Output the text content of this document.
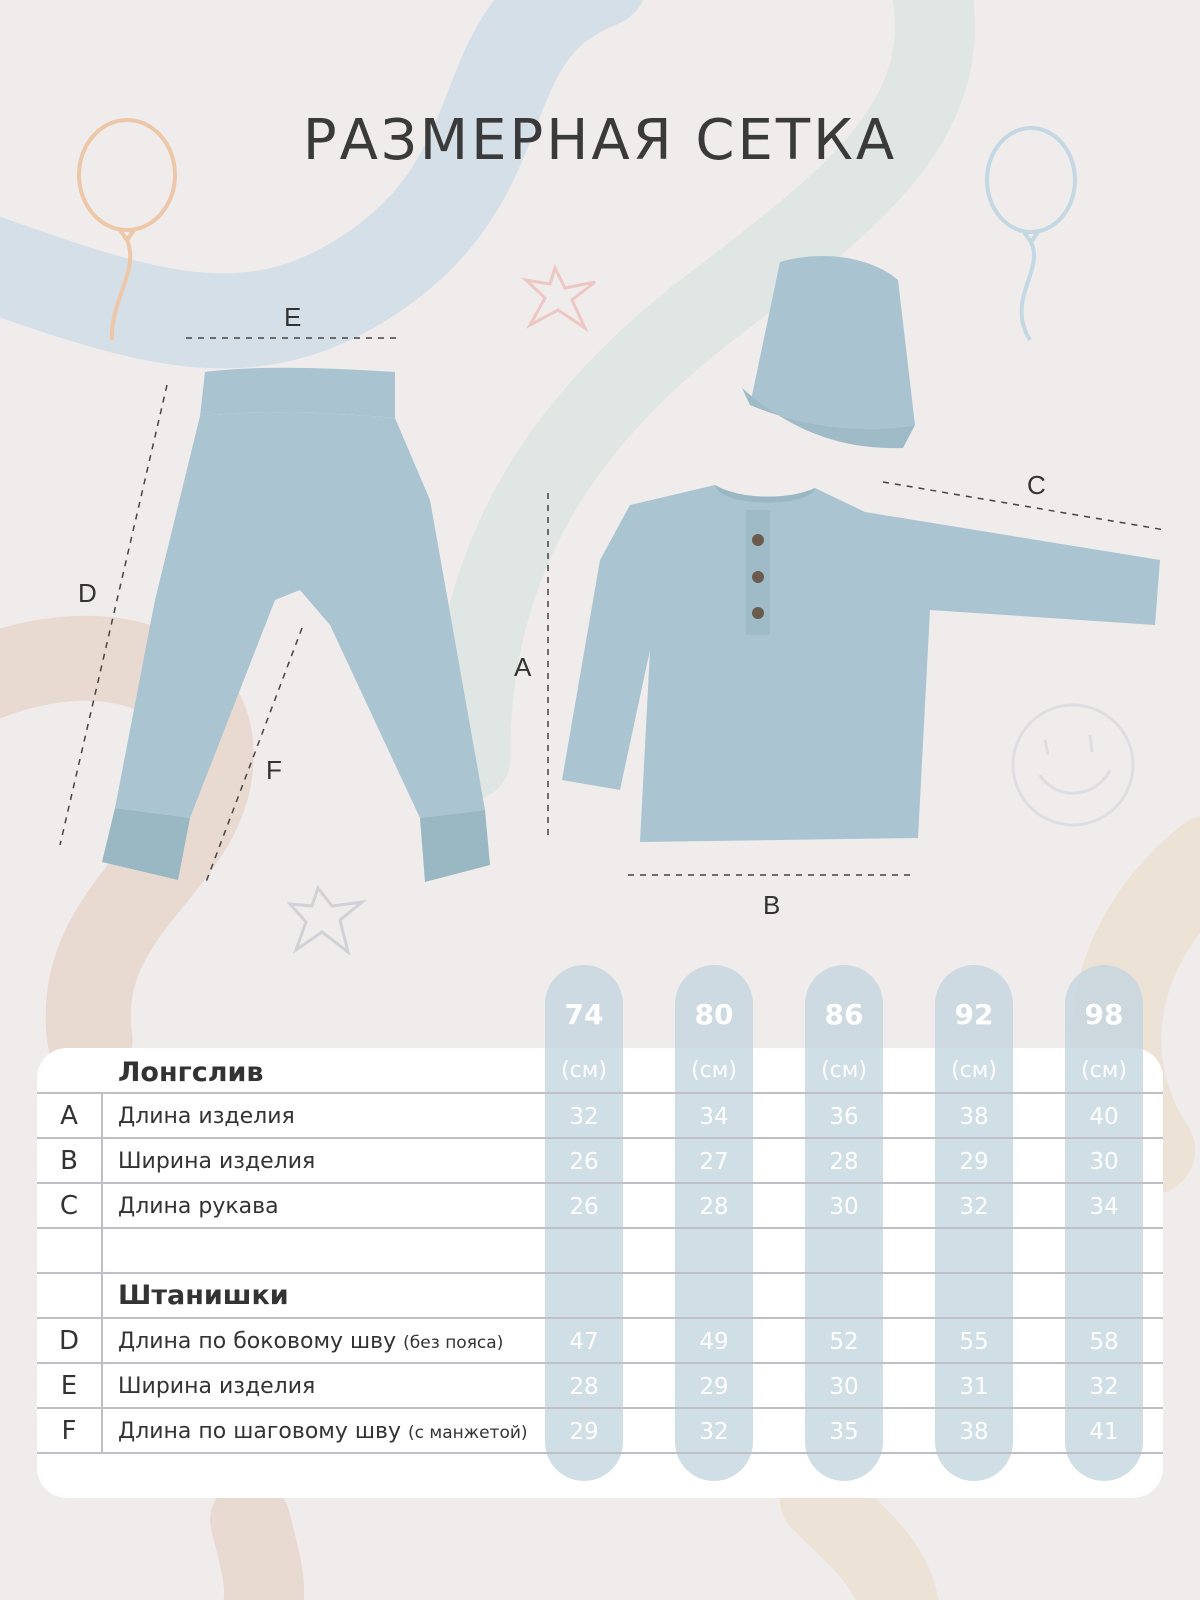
РАЗМЕРНАЯ СЕТКА
E
D
F
A
B
C
74	80	86	92	98
(см)	(см)	(см)	(см)	(см)
Лонгслив
A	Длина изделия	32	34	36	38	40
B	Ширина изделия	26	27	28	29	30
C	Длина рукава	26	28	30	32	34
Штанишки
D	Длина по боковому шву (без пояса)	47	49	52	55	58
E	Ширина изделия	28	29	30	31	32
F	Длина по шаговому шву (с манжетой)	29	32	35	38	41
